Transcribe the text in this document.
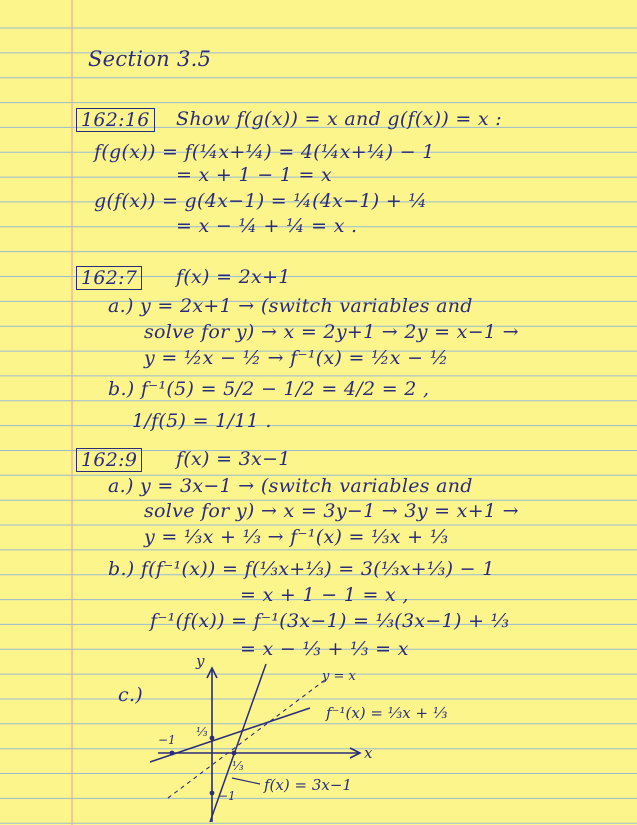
Section 3.5
162:16 Show f(g(x)) = x and g(f(x)) = x :
f(g(x)) = f(¼x+¼) = 4(¼x+¼) − 1
= x + 1 − 1 = x
g(f(x)) = g(4x−1) = ¼(4x−1) + ¼
= x − ¼ + ¼ = x .
162:7 f(x) = 2x+1
a.) y = 2x+1 → (switch variables and
solve for y) → x = 2y+1 → 2y = x−1 →
y = ½x − ½ → f⁻¹(x) = ½x − ½
b.) f⁻¹(5) = 5/2 − 1/2 = 4/2 = 2 ,
1/f(5) = 1/11 .
162:9 f(x) = 3x−1
a.) y = 3x−1 → (switch variables and
solve for y) → x = 3y−1 → 3y = x+1 →
y = ⅓x + ⅓ → f⁻¹(x) = ⅓x + ⅓
b.) f(f⁻¹(x)) = f(⅓x+⅓) = 3(⅓x+⅓) − 1
= x + 1 − 1 = x ,
f⁻¹(f(x)) = f⁻¹(3x−1) = ⅓(3x−1) + ⅓
= x − ⅓ + ⅓ = x
c.)
y
x
y = x
f⁻¹(x) = ⅓x + ⅓
f(x) = 3x−1
−1
⅓
⅓
−1
